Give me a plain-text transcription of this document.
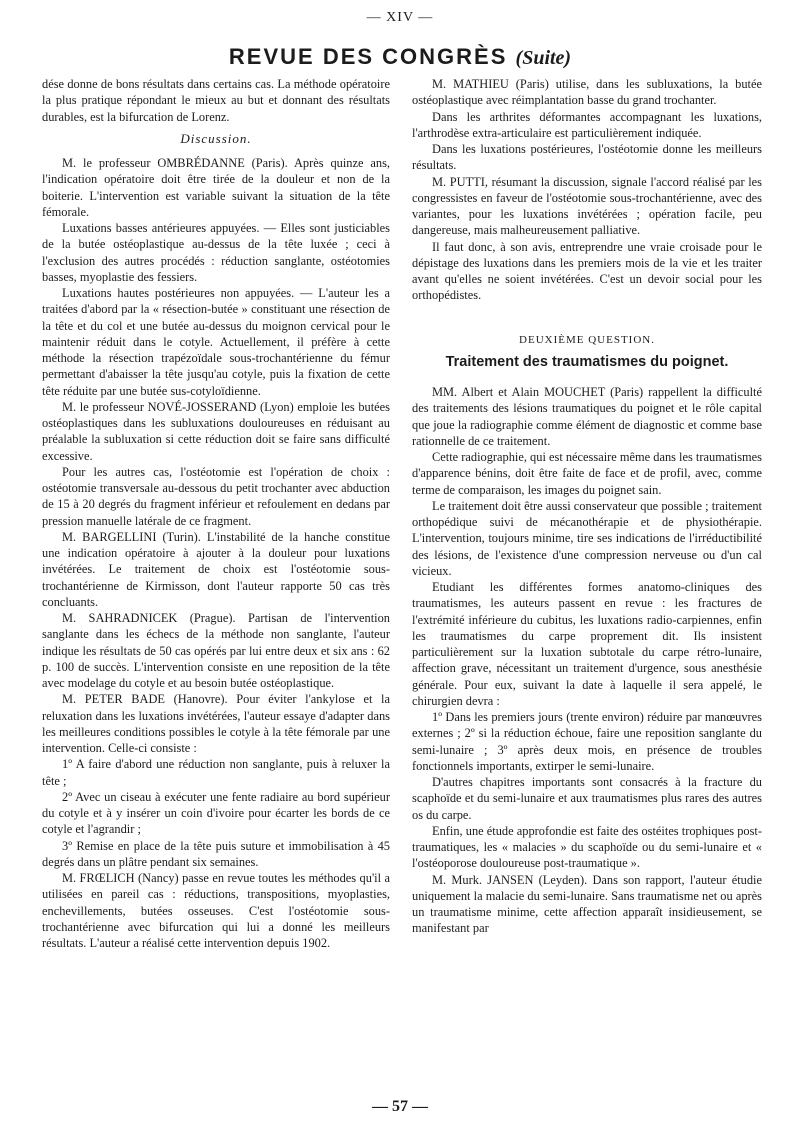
— XIV —
REVUE DES CONGRÈS (Suite)

dése donne de bons résultats dans certains cas. La méthode opératoire la plus pratique répondant le mieux au but et donnant des résultats durables, est la bifurcation de Lorenz.

Discussion.

M. le professeur OMBRÉDANNE (Paris). Après quinze ans, l'indication opératoire doit être tirée de la douleur et non de la boiterie. L'intervention est variable suivant la situation de la tête fémorale.

Luxations basses antérieures appuyées. — Elles sont justiciables de la butée ostéoplastique au-dessus de la tête luxée ; ceci à l'exclusion des autres procédés : réduction sanglante, ostéotomies basses, myoplastie des fessiers.

Luxations hautes postérieures non appuyées. — L'auteur les a traitées d'abord par la « résection-butée » constituant une résection de la tête et du col et une butée au-dessus du moignon cervical pour le maintenir réduit dans le cotyle. Actuellement, il préfère à cette méthode la résection trapézoïdale sous-trochantérienne du fémur permettant d'abaisser la tête jusqu'au cotyle, puis la fixation de cette tête réduite par une butée sus-cotyloïdienne.

M. le professeur NOVÉ-JOSSERAND (Lyon) emploie les butées ostéoplastiques dans les subluxations douloureuses en réduisant au préalable la subluxation si cette réduction doit se faire sans difficulté excessive.

Pour les autres cas, l'ostéotomie est l'opération de choix : ostéotomie transversale au-dessous du petit trochanter avec abduction de 15 à 20 degrés du fragment inférieur et refoulement en dedans par pression manuelle latérale de ce fragment.

M. BARGELLINI (Turin). L'instabilité de la hanche constitue une indication opératoire à ajouter à la douleur pour luxations invétérées. Le traitement de choix est l'ostéotomie sous-trochantérienne de Kirmisson, dont l'auteur rapporte 50 cas très concluants.

M. SAHRADNICEK (Prague). Partisan de l'intervention sanglante dans les échecs de la méthode non sanglante, l'auteur indique les résultats de 50 cas opérés par lui entre deux et six ans : 62 p. 100 de succès. L'intervention consiste en une reposition de la tête avec modelage du cotyle et au besoin butée ostéoplastique.

M. PETER BADE (Hanovre). Pour éviter l'ankylose et la reluxation dans les luxations invétérées, l'auteur essaye d'adapter dans les meilleures conditions possibles le cotyle à la tête fémorale par une intervention. Celle-ci consiste :

1º A faire d'abord une réduction non sanglante, puis à reluxer la tête ;

2º Avec un ciseau à exécuter une fente radiaire au bord supérieur du cotyle et à y insérer un coin d'ivoire pour écarter les bords de ce cotyle et l'agrandir ;

3º Remise en place de la tête puis suture et immobilisation à 45 degrés dans un plâtre pendant six semaines.

M. FRŒLICH (Nancy) passe en revue toutes les méthodes qu'il a utilisées en pareil cas : réductions, transpositions, myoplasties, enchevillements, butées osseuses. C'est l'ostéotomie sous-trochantérienne avec bifurcation qui lui a donné les meilleurs résultats. L'auteur a réalisé cette intervention depuis 1902.

M. MATHIEU (Paris) utilise, dans les subluxations, la butée ostéoplastique avec réimplantation basse du grand trochanter.

Dans les arthrites déformantes accompagnant les luxations, l'arthrodèse extra-articulaire est particulièrement indiquée.

Dans les luxations postérieures, l'ostéotomie donne les meilleurs résultats.

M. PUTTI, résumant la discussion, signale l'accord réalisé par les congressistes en faveur de l'ostéotomie sous-trochantérienne, avec des variantes, pour les luxations invétérées ; opération facile, peu dangereuse, mais malheureusement palliative.

Il faut donc, à son avis, entreprendre une vraie croisade pour le dépistage des luxations dans les premiers mois de la vie et les traiter avant qu'elles ne soient invétérées. C'est un devoir social pour les orthopédistes.

DEUXIÈME QUESTION.
Traitement des traumatismes du poignet.

MM. Albert et Alain MOUCHET (Paris) rappellent la difficulté des traitements des lésions traumatiques du poignet et le rôle capital que joue la radiographie comme élément de diagnostic et comme base rationnelle de ce traitement.

Cette radiographie, qui est nécessaire même dans les traumatismes d'apparence bénins, doit être faite de face et de profil, avec, comme terme de comparaison, les images du poignet sain.

Le traitement doit être aussi conservateur que possible ; traitement orthopédique suivi de mécanothérapie et de physiothérapie. L'intervention, toujours minime, tire ses indications de l'irréductibilité des lésions, de l'existence d'une compression nerveuse ou d'un cal vicieux.

Etudiant les différentes formes anatomo-cliniques des traumatismes, les auteurs passent en revue : les fractures de l'extrémité inférieure du cubitus, les luxations radio-carpiennes, enfin les traumatismes du carpe proprement dit. Ils insistent particulièrement sur la luxation subtotale du carpe rétro-lunaire, affection grave, nécessitant un traitement d'urgence, sous anesthésie générale. Pour eux, suivant la date à laquelle il sera appelé, le chirurgien devra :

1º Dans les premiers jours (trente environ) réduire par manœuvres externes ; 2º si la réduction échoue, faire une reposition sanglante du semi-lunaire ; 3º après deux mois, en présence de troubles fonctionnels importants, extirper le semi-lunaire.

D'autres chapitres importants sont consacrés à la fracture du scaphoïde et du semi-lunaire et aux traumatismes plus rares des autres os du carpe.

Enfin, une étude approfondie est faite des ostéites trophiques post-traumatiques, les « malacies » du scaphoïde ou du semi-lunaire et « l'ostéoporose douloureuse post-traumatique ».

M. Murk. JANSEN (Leyden). Dans son rapport, l'auteur étudie uniquement la malacie du semi-lunaire. Sans traumatisme net ou après un traumatisme minime, cette affection apparaît insidieusement, se manifestant par

— 57 —
